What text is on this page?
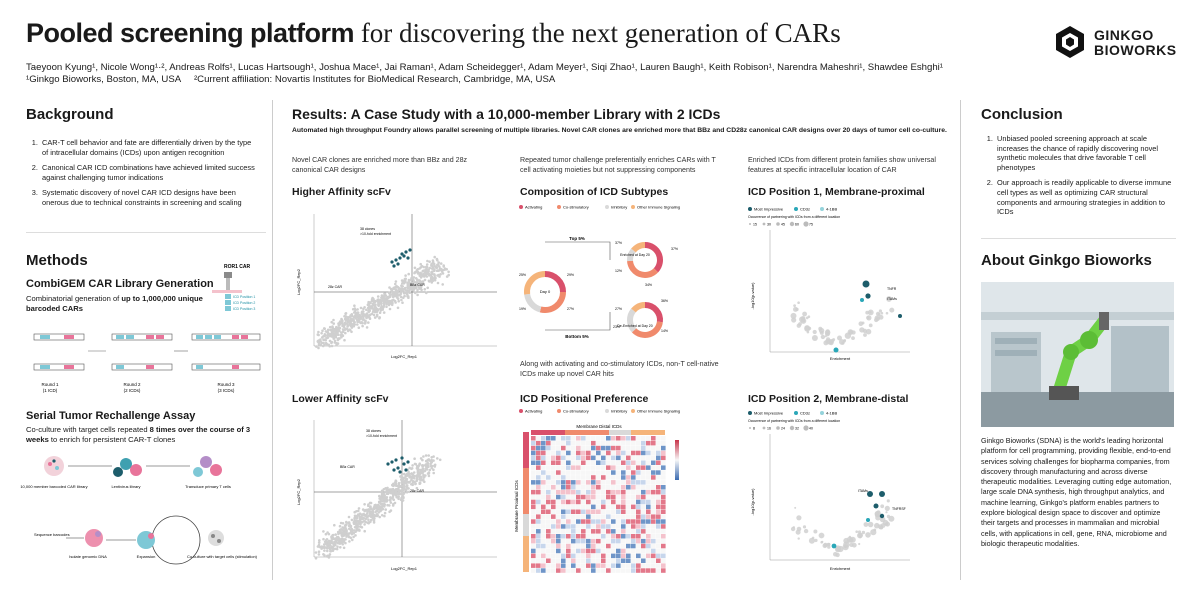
Pooled screening platform for discovering the next generation of CARs
Taeyoon Kyung¹, Nicole Wong¹·², Andreas Rolfs¹, Lucas Hartsough¹, Joshua Mace¹, Jai Raman¹, Adam Scheidegger¹, Adam Meyer¹, Siqi Zhao¹, Lauren Baugh¹, Keith Robison¹, Narendra Maheshri¹, Shawdee Eshghi¹
¹Ginkgo Bioworks, Boston, MA, USA     ²Current affiliation: Novartis Institutes for BioMedical Research, Cambridge, MA, USA
GINKGO
BIOWORKS
Background
1. CAR-T cell behavior and fate are differentially driven by the type of intracellular domains (ICDs) upon antigen recognition
2. Canonical CAR ICD combinations have achieved limited success against challenging tumor indications
3. Systematic discovery of novel CAR ICD designs have been onerous due to technical constraints in screening and scaling
Methods
CombiGEM CAR Library Generation
Combinatorial generation of up to 1,000,000 unique barcoded CARs
ROR1 CAR
ICD Position 1
ICD Position 2
ICD Position 3
Round 1
(1 ICD)
Round 2
(2 ICDs)
Round 3
(3 ICDs)
Serial Tumor Rechallenge Assay
Co-culture with target cells repeated 8 times over the course of 3 weeks to enrich for persistent CAR-T clones
10,000 member barcoded CAR library	Lentivirus library	Transduce primary T cells
Expansion	Co-culture with target cells (stimulation)
Isolate genomic DNA
Sequence barcodes
Results: A Case Study with a 10,000-member Library with 2 ICDs
Automated high throughput Foundry allows parallel screening of multiple libraries. Novel CAR clones are enriched more that BBz and CD28z canonical CAR designs over 20 days of tumor cell co-culture.
Novel CAR clones are enriched more than BBz and 28z canonical CAR designs
Repeated tumor challenge preferentially enriches CARs with T cell activating moieties but not suppressing components
Enriched ICDs from different protein families show universal features at specific intracellular location of CAR
Higher Affinity scFv
Lower Affinity scFv
Composition of ICD Subtypes
ICD Positional Preference
ICD Position 1, Membrane-proximal
ICD Position 2, Membrane-distal
38 clones
>10-fold enrichment
28z CAR	BBz CAR
Log2FC_Rep1
Log2FC_Rep2
38 clones
>10-fold enrichment
BBz CAR
28z CAR
Log2FC_Rep1
Log2FC_Rep2
Activating	Co-stimulatory	Inhibitory Other Immune Signaling
Top 5%
Bottom 5%
Day 0
Enriched at Day 20
De-Enriched at Day 20
25%	29%
19%	27%
37%
37%
12%
34%
27%
36%
23%
14%
Along with activating and co-stimulatory ICDs, non-T cell-native ICDs make up novel CAR hits
Activating	Co-stimulatory	Inhibitory Other Immune Signaling
Membrane Distal ICDs
Membrane Proximal ICDs
Most Impressive	CD3z	4-1BB
Occurrence of partnering with ICDs from a different location
15	30	45	60	75
TNFR
ITAMs
Enrichment
-log10(p-value)
Most Impressive	CD3z	4-1BB
Occurrence of partnering with ICDs from a different location
8	16	24	32	40
ITAMs
TNFRSF
Enrichment
-log10(p-value)
Conclusion
1. Unbiased pooled screening approach at scale increases the chance of rapidly discovering novel synthetic molecules that drive favorable T cell phenotypes
2. Our approach is readily applicable to diverse immune cell types as well as optimizing CAR structural components and armouring strategies in addition to ICDs
About Ginkgo Bioworks
Ginkgo Bioworks (SDNA) is the world's leading horizontal platform for cell programming, providing flexible, end-to-end services solving challenges for biopharma companies, from discovery through manufacturing and across diverse therapeutic modalities. Leveraging cutting edge automation, large scale DNA synthesis, high throughput analytics, and machine learning, Ginkgo's platform enables partners to explore biological design space to discover and optimize their targets and processes in mammalian and microbial cells, with applications in cell, gene, RNA, microbiome and biologic therapeutic modalities.
